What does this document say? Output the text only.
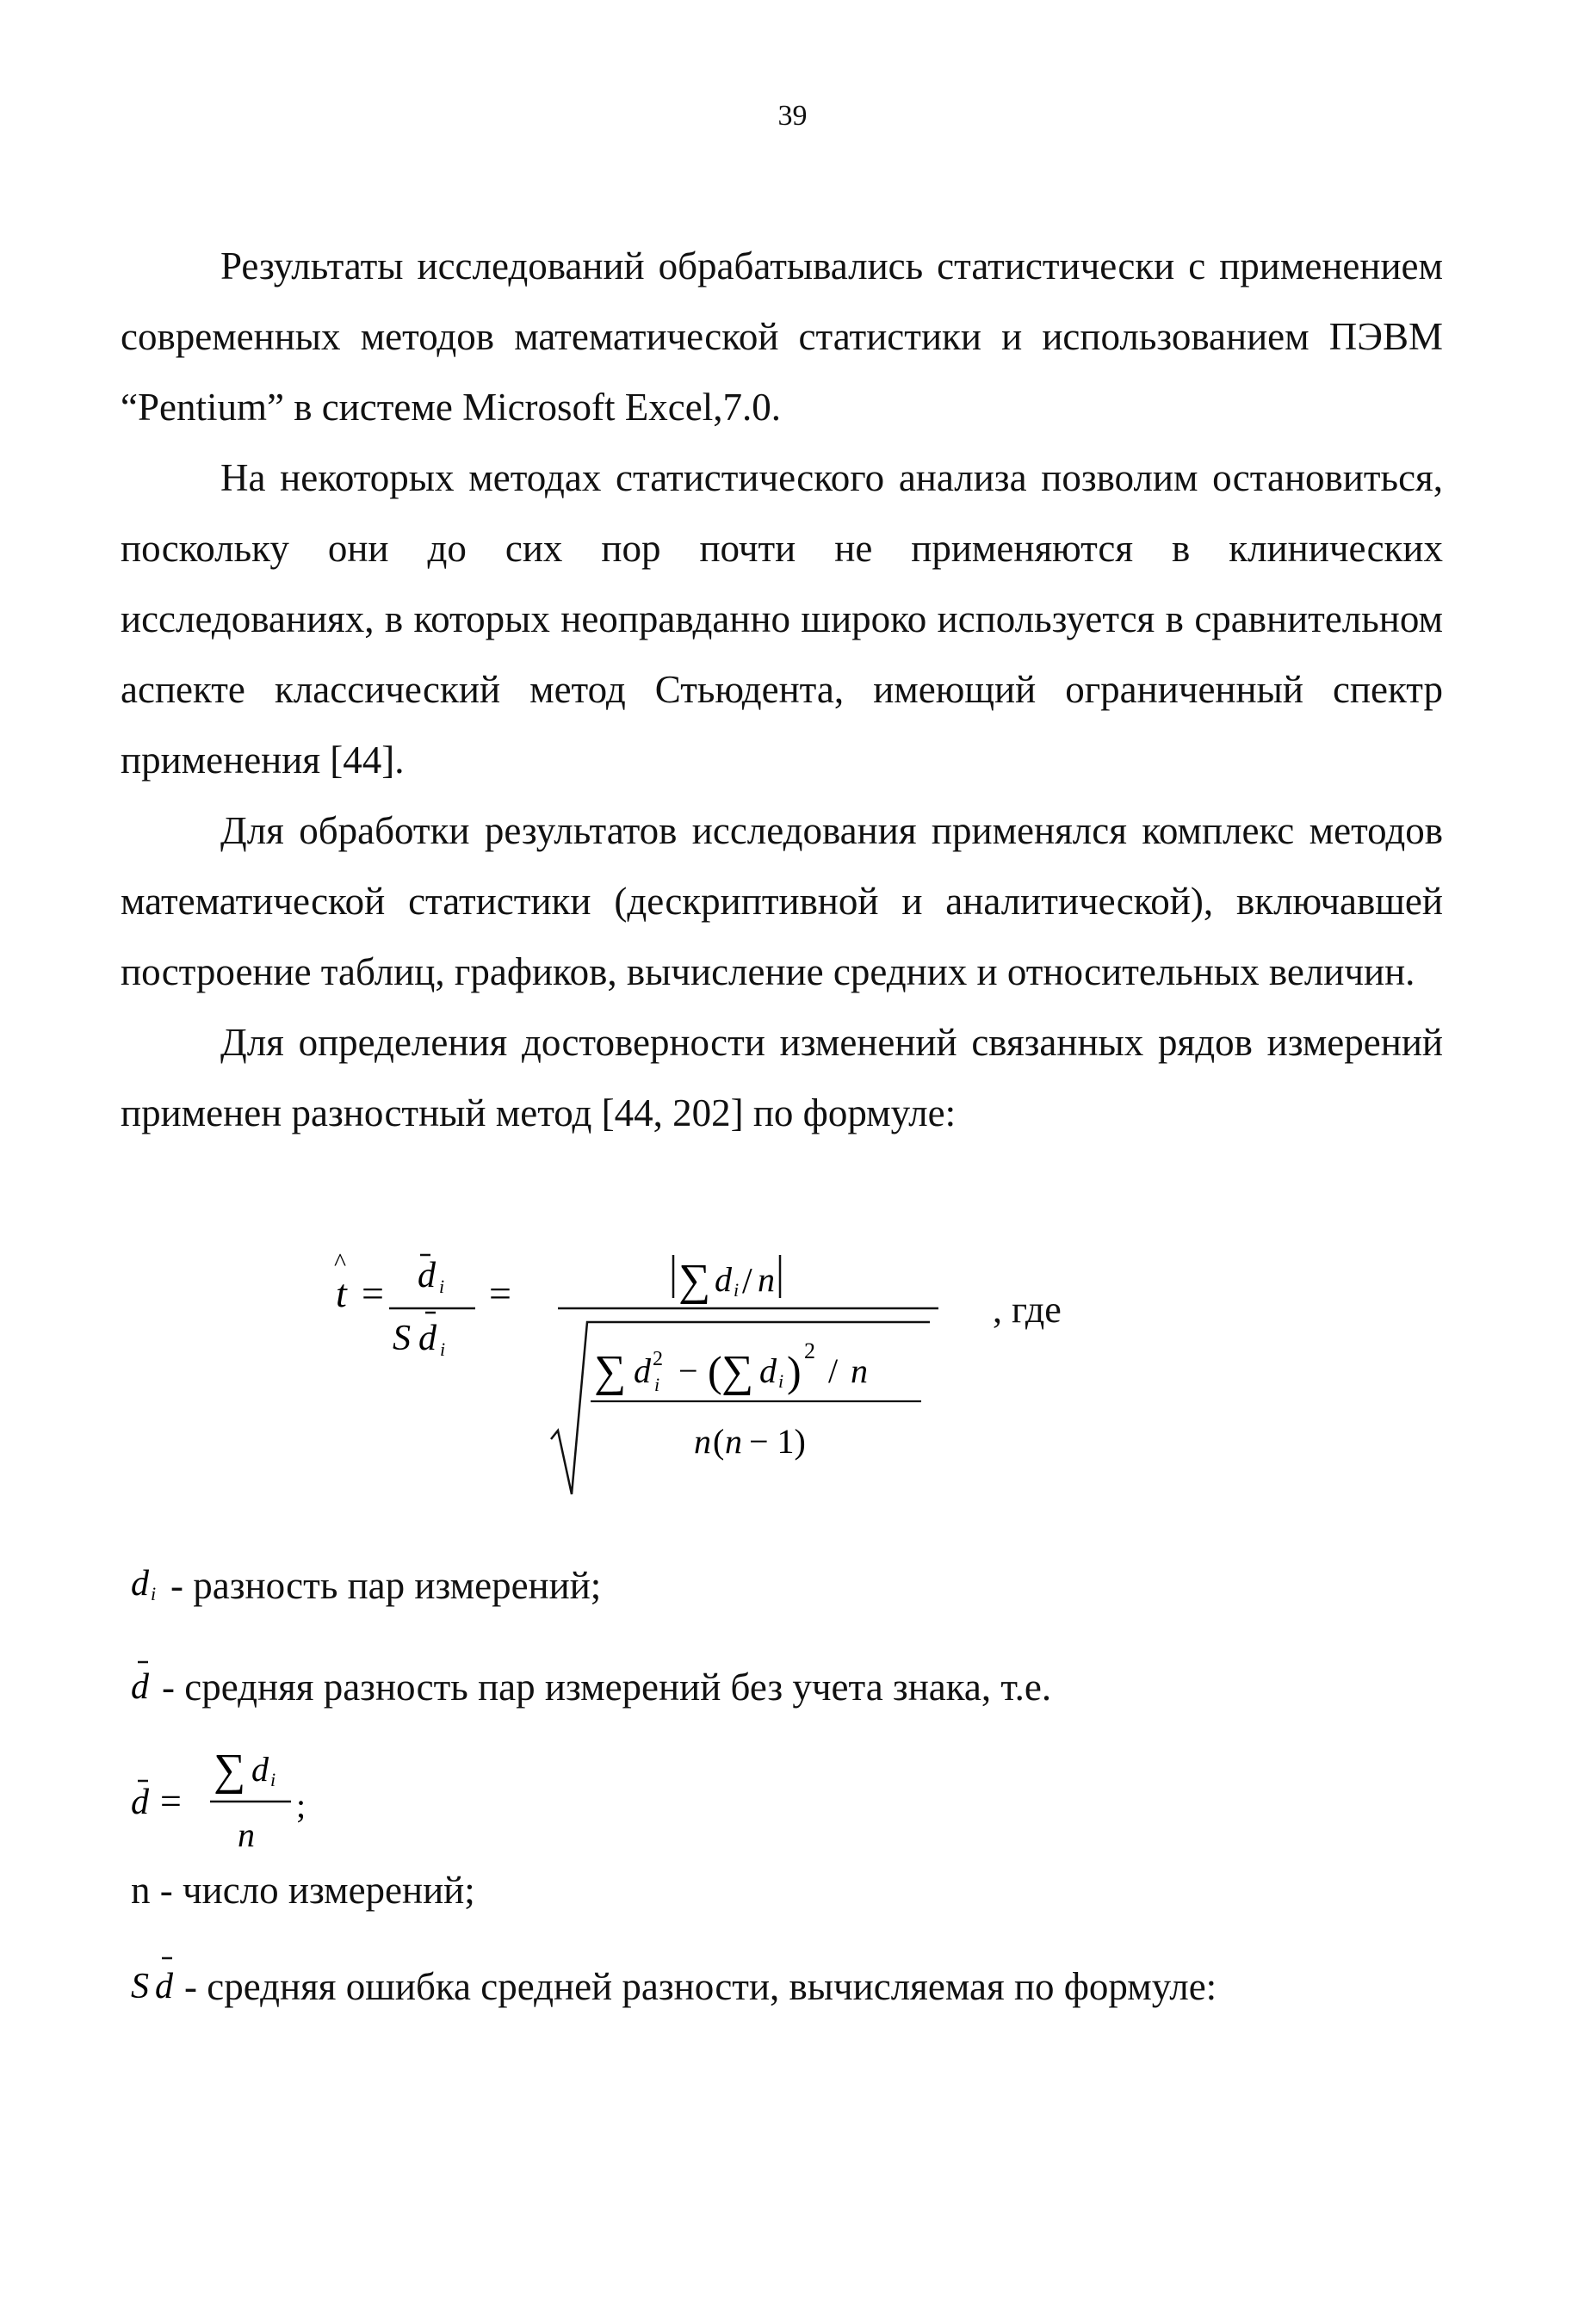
39

Результаты исследований обрабатывались статистически с применением современных методов математической статистики и использованием ПЭВМ “Pentium” в системе Microsoft Excel,7.0.

На некоторых методах статистического анализа позволим остановиться, поскольку они до сих пор почти не применяются в клинических исследованиях, в которых неоправданно широко используется в сравнительном аспекте классический метод Стьюдента, имеющий ограниченный спектр применения [44].

Для обработки результатов исследования применялся комплекс методов математической статистики (дескриптивной и аналитической), включавшей построение таблиц, графиков, вычисление средних и относительных величин.

Для определения достоверности изменений связанных рядов измерений применен разностный метод [44, 202] по формуле:

^
t = d i
S d i
=	∑ d i / n
∑ d 2
i − ( ∑ d i ) 2
/ n
n ( n − 1)
, где
d i - разность пар измерений;
d - средняя разность пар измерений без учета знака, т.е.
d =
∑ d i
n
;
n - число измерений;
S d - средняя ошибка средней разности, вычисляемая по формуле:
